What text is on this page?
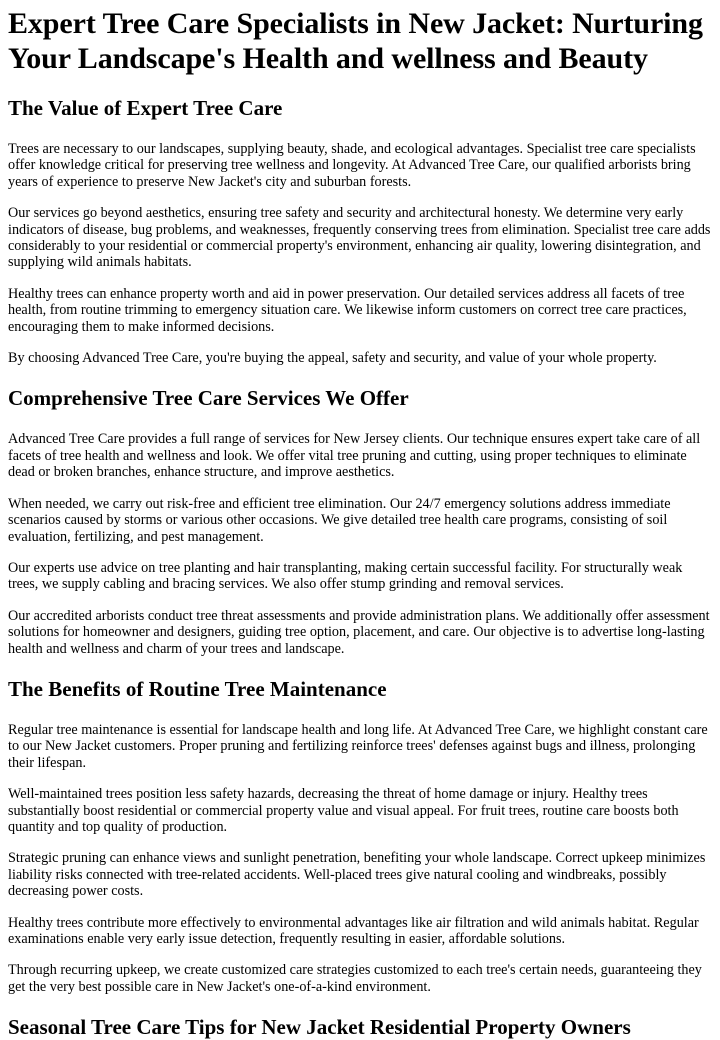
Expert Tree Care Specialists in New Jacket: Nurturing Your Landscape's Health and wellness and Beauty
The Value of Expert Tree Care

Trees are necessary to our landscapes, supplying beauty, shade, and ecological advantages. Specialist tree care specialists offer knowledge critical for preserving tree wellness and longevity. At Advanced Tree Care, our qualified arborists bring years of experience to preserve New Jacket's city and suburban forests.

Our services go beyond aesthetics, ensuring tree safety and security and architectural honesty. We determine very early indicators of disease, bug problems, and weaknesses, frequently conserving trees from elimination. Specialist tree care adds considerably to your residential or commercial property's environment, enhancing air quality, lowering disintegration, and supplying wild animals habitats.

Healthy trees can enhance property worth and aid in power preservation. Our detailed services address all facets of tree health, from routine trimming to emergency situation care. We likewise inform customers on correct tree care practices, encouraging them to make informed decisions.

By choosing Advanced Tree Care, you're buying the appeal, safety and security, and value of your whole property.

Comprehensive Tree Care Services We Offer

Advanced Tree Care provides a full range of services for New Jersey clients. Our technique ensures expert take care of all facets of tree health and wellness and look. We offer vital tree pruning and cutting, using proper techniques to eliminate dead or broken branches, enhance structure, and improve aesthetics.

When needed, we carry out risk-free and efficient tree elimination. Our 24/7 emergency solutions address immediate scenarios caused by storms or various other occasions. We give detailed tree health care programs, consisting of soil evaluation, fertilizing, and pest management.

Our experts use advice on tree planting and hair transplanting, making certain successful facility. For structurally weak trees, we supply cabling and bracing services. We also offer stump grinding and removal services.

Our accredited arborists conduct tree threat assessments and provide administration plans. We additionally offer assessment solutions for homeowner and designers, guiding tree option, placement, and care. Our objective is to advertise long-lasting health and wellness and charm of your trees and landscape.

The Benefits of Routine Tree Maintenance

Regular tree maintenance is essential for landscape health and long life. At Advanced Tree Care, we highlight constant care to our New Jacket customers. Proper pruning and fertilizing reinforce trees' defenses against bugs and illness, prolonging their lifespan.

Well-maintained trees position less safety hazards, decreasing the threat of home damage or injury. Healthy trees substantially boost residential or commercial property value and visual appeal. For fruit trees, routine care boosts both quantity and top quality of production.

Strategic pruning can enhance views and sunlight penetration, benefiting your whole landscape. Correct upkeep minimizes liability risks connected with tree-related accidents. Well-placed trees give natural cooling and windbreaks, possibly decreasing power costs.

Healthy trees contribute more effectively to environmental advantages like air filtration and wild animals habitat. Regular examinations enable very early issue detection, frequently resulting in easier, affordable solutions.

Through recurring upkeep, we create customized care strategies customized to each tree's certain needs, guaranteeing they get the very best possible care in New Jacket's one-of-a-kind environment.

Seasonal Tree Care Tips for New Jacket Residential Property Owners
